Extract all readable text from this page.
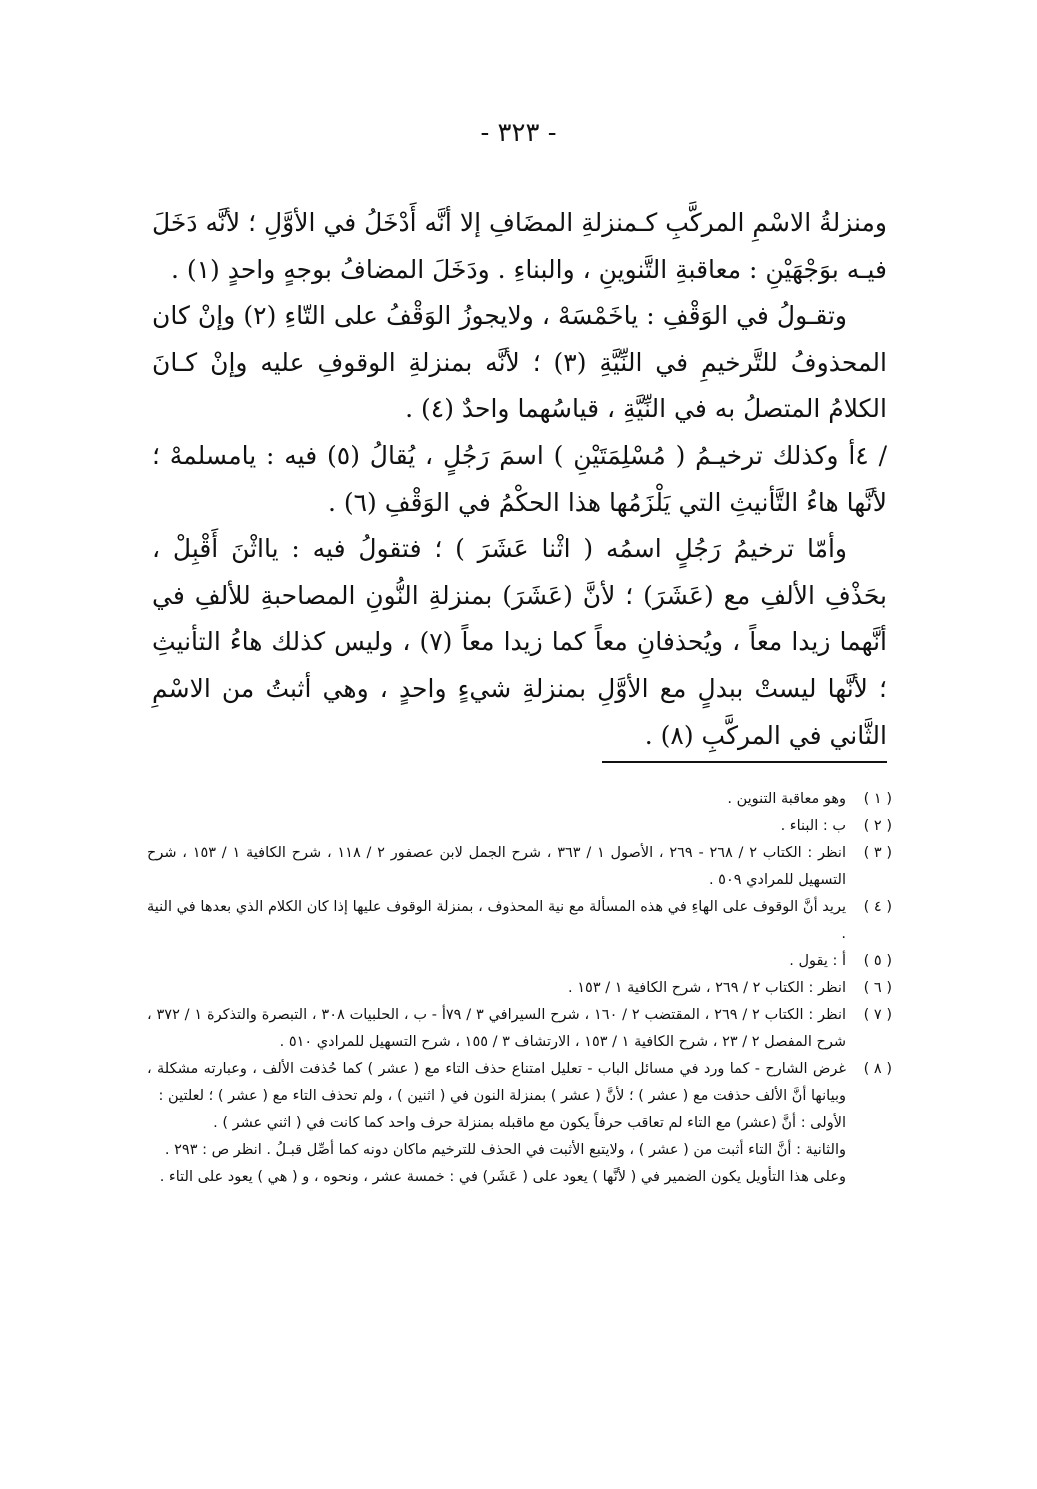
- ٣٢٣ -

ومنزلةُ الاسْمِ المركَّبِ كـمنزلةِ المضَافِ إلا أنَّه أَدْخَلُ في الأوَّلِ ؛ لأنَّه دَخَلَ فيـه بوَجْهَيْنِ : معاقبةِ التَّنوينِ ، والبناءِ . ودَخَلَ المضافُ بوجهٍ واحدٍ (١) .

وتقـولُ في الوَقْفِ : ياخَمْسَهْ ، ولايجوزُ الوَقْفُ على التّاءِ (٢) وإنْ كان المحذوفُ للتَّرخيمِ في النِّيَّةِ (٣) ؛ لأنَّه بمنزلةِ الوقوفِ عليه وإنْ كـانَ الكلامُ المتصلُ به في النِّيَّةِ ، قياسُهما واحدٌ (٤) .

/ ٤أ وكذلك ترخيـمُ ( مُسْلِمَتَيْنِ ) اسمَ رَجُلٍ ، يُقالُ (٥) فيه : يامسلمهْ ؛ لأنَّها هاءُ التَّأنيثِ التي يَلْزَمُها هذا الحكْمُ في الوَقْفِ (٦) .

وأمّا ترخيمُ رَجُلٍ اسمُه ( اثْنا عَشَرَ ) ؛ فتقولُ فيه : يااثْنَ أَقْبِلْ ، بحَذْفِ الألفِ مع (عَشَرَ) ؛ لأنَّ (عَشَرَ) بمنزلةِ النُّونِ المصاحبةِ للألفِ في أنَّهما زيدا معاً ، ويُحذفانِ معاً كما زيدا معاً (٧) ، وليس كذلك هاءُ التأنيثِ ؛ لأنَّها ليستْ ببدلٍ مع الأوَّلِ بمنزلةِ شيءٍ واحدٍ ، وهي أثبتُ من الاسْمِ الثَّاني في المركَّبِ (٨) .

( ١ )

وهو معاقبة التنوين .

( ٢ )

ب : البناء .

( ٣ )

انظر : الكتاب ٢ / ٢٦٨ - ٢٦٩ ، الأصول ١ / ٣٦٣ ، شرح الجمل لابن عصفور ٢ / ١١٨ ، شرح الكافية ١ / ١٥٣ ، شرح التسهيل للمرادي ٥٠٩ .

( ٤ )

يريد أنَّ الوقوف على الهاءِ في هذه المسألة مع نية المحذوف ، بمنزلة الوقوف عليها إذا كان الكلام الذي بعدها في النية .

( ٥ )

أ : يقول .

( ٦ )

انظر : الكتاب ٢ / ٢٦٩ ، شرح الكافية ١ / ١٥٣ .

( ٧ )

انظر : الكتاب ٢ / ٢٦٩ ، المقتضب ٢ / ١٦٠ ، شرح السيرافي ٣ / ٧٩أ - ب ، الحلبيات ٣٠٨ ، التبصرة والتذكرة ١ / ٣٧٢ ، شرح المفصل ٢ / ٢٣ ، شرح الكافية ١ / ١٥٣ ، الارتشاف ٣ / ١٥٥ ، شرح التسهيل للمرادي ٥١٠ .

( ٨ )

غرض الشارح - كما ورد في مسائل الباب - تعليل امتناع حذف التاء مع ( عشر ) كما حُذفت الألف ، وعبارته مشكلة ، وبيانها أنَّ الألف حذفت مع ( عشر ) ؛ لأنَّ ( عشر ) بمنزلة النون في ( اثنين ) ، ولم تحذف التاء مع ( عشر ) ؛ لعلتين :

الأولى : أنَّ (عشر) مع التاء لم تعاقب حرفاً يكون مع ماقبله بمنزلة حرف واحد كما كانت في ( اثني عشر ) .

والثانية : أنَّ التاء أثبت من ( عشر ) ، ولايتبع الأثبت في الحذف للترخيم ماكان دونه كما أصِّل قبـلُ . انظر ص : ٢٩٣ .

وعلى هذا التأويل يكون الضمير في ( لأنَّها ) يعود على ( عَشَر) في : خمسة عشر ، ونحوه ، و ( هي ) يعود على التاء .
